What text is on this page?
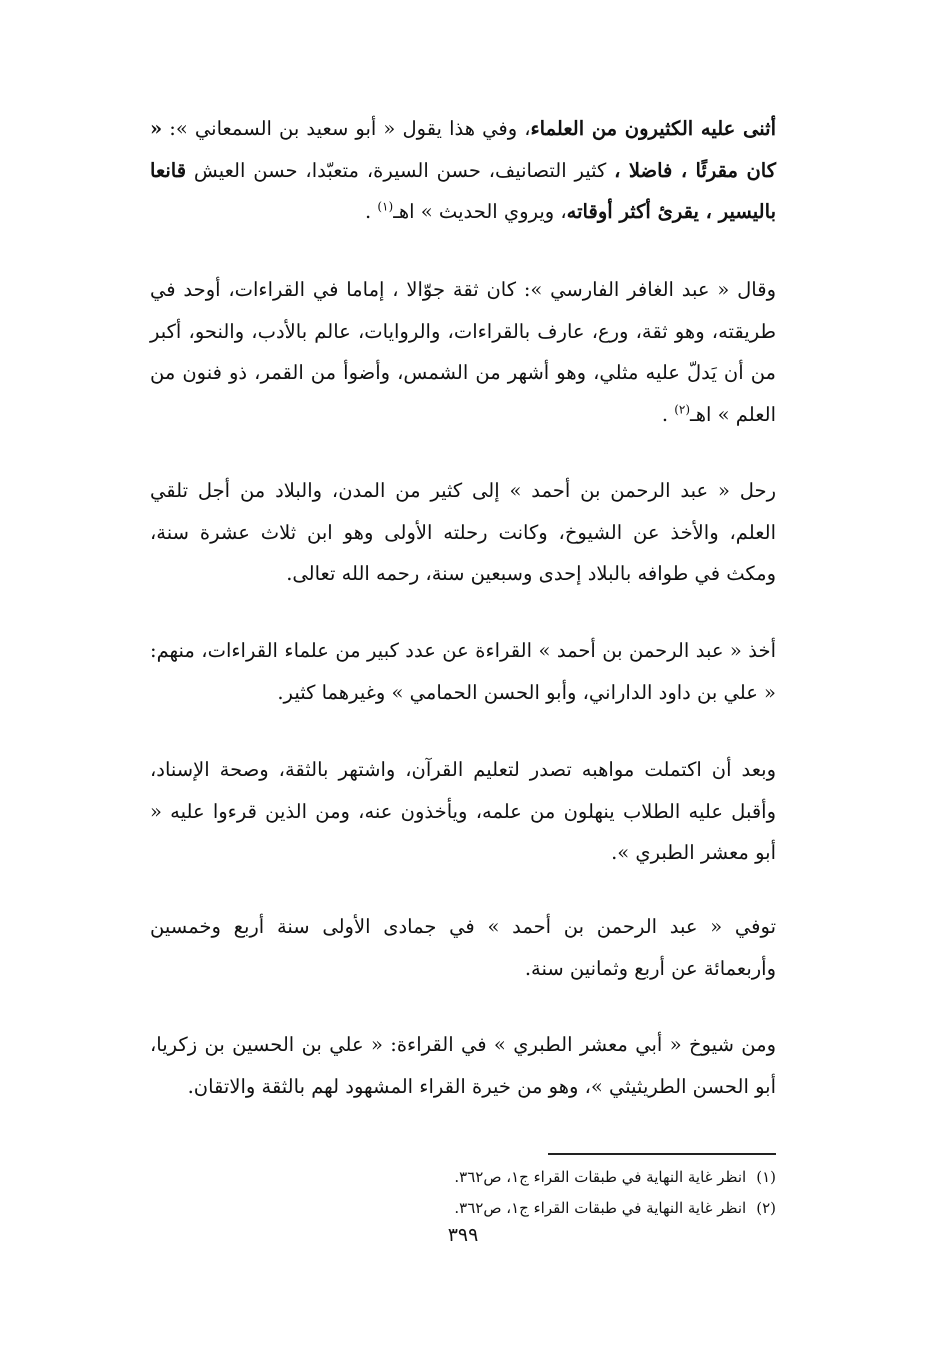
أثنى عليه الكثيرون من العلماء، وفي هذا يقول « أبو سعيد بن السمعاني »: « كان مقرئًا ، فاضلا ، كثير التصانيف، حسن السيرة، متعبّدا، حسن العيش قانعا باليسير ، يقرئ أكثر أوقاته، ويروي الحديث » اهـ$^{(١)}$ .

وقال « عبد الغافر الفارسي »: كان ثقة جوّالا ، إماما في القراءات، أوحد في طريقته، وهو ثقة، ورع، عارف بالقراءات، والروايات، عالم بالأدب، والنحو، أكبر من أن يَدلّ عليه مثلي، وهو أشهر من الشمس، وأضوأ من القمر، ذو فنون من العلم » اهـ$^{(٢)}$ .

رحل « عبد الرحمن بن أحمد » إلى كثير من المدن، والبلاد من أجل تلقي العلم، والأخذ عن الشيوخ، وكانت رحلته الأولى وهو ابن ثلاث عشرة سنة، ومكث في طوافه بالبلاد إحدى وسبعين سنة، رحمه الله تعالى.

أخذ « عبد الرحمن بن أحمد » القراءة عن عدد كبير من علماء القراءات، منهم: « علي بن داود الداراني، وأبو الحسن الحمامي » وغيرهما كثير.

وبعد أن اكتملت مواهبه تصدر لتعليم القرآن، واشتهر بالثقة، وصحة الإسناد، وأقبل عليه الطلاب ينهلون من علمه، ويأخذون عنه، ومن الذين قرءوا عليه « أبو معشر الطبري ».

توفي « عبد الرحمن بن أحمد » في جمادى الأولى سنة أربع وخمسين وأربعمائة عن أربع وثمانين سنة.

ومن شيوخ « أبي معشر الطبري » في القراءة: « علي بن الحسين بن زكريا، أبو الحسن الطريثيثي »، وهو من خيرة القراء المشهود لهم بالثقة والاتقان.

(١)انظر غاية النهاية في طبقات القراء ج١، ص٣٦٢.

(٢)انظر غاية النهاية في طبقات القراء ج١، ص٣٦٢.

٣٩٩
